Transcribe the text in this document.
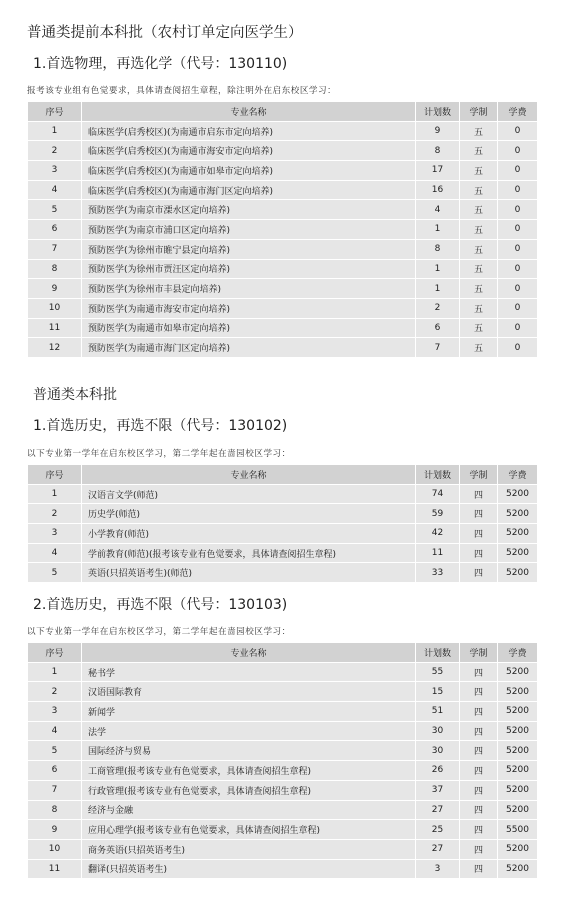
普通类提前本科批（农村订单定向医学生）
1.首选物理，再选化学（代号：130110)
报考该专业组有色觉要求，具体请查阅招生章程，除注明外在启东校区学习：
序号	专业名称	计划数	学制	学费
1	临床医学(启秀校区)(为南通市启东市定向培养)	9	五	0
2	临床医学(启秀校区)(为南通市海安市定向培养)	8	五	0
3	临床医学(启秀校区)(为南通市如皋市定向培养)	17	五	0
4	临床医学(启秀校区)(为南通市海门区定向培养)	16	五	0
5	预防医学(为南京市溧水区定向培养)	4	五	0
6	预防医学(为南京市浦口区定向培养)	1	五	0
7	预防医学(为徐州市睢宁县定向培养)	8	五	0
8	预防医学(为徐州市贾汪区定向培养)	1	五	0
9	预防医学(为徐州市丰县定向培养)	1	五	0
10	预防医学(为南通市海安市定向培养)	2	五	0
11	预防医学(为南通市如皋市定向培养)	6	五	0
12	预防医学(为南通市海门区定向培养)	7	五	0
普通类本科批
1.首选历史，再选不限（代号：130102)
以下专业第一学年在启东校区学习，第二学年起在啬园校区学习：
序号	专业名称	计划数	学制	学费
1	汉语言文学(师范)	74	四	5200
2	历史学(师范)	59	四	5200
3	小学教育(师范)	42	四	5200
4	学前教育(师范)(报考该专业有色觉要求，具体请查阅招生章程)	11	四	5200
5	英语(只招英语考生)(师范)	33	四	5200
2.首选历史，再选不限（代号：130103)
以下专业第一学年在启东校区学习，第二学年起在啬园校区学习：
序号	专业名称	计划数	学制	学费
1	秘书学	55	四	5200
2	汉语国际教育	15	四	5200
3	新闻学	51	四	5200
4	法学	30	四	5200
5	国际经济与贸易	30	四	5200
6	工商管理(报考该专业有色觉要求，具体请查阅招生章程)	26	四	5200
7	行政管理(报考该专业有色觉要求，具体请查阅招生章程)	37	四	5200
8	经济与金融	27	四	5200
9	应用心理学(报考该专业有色觉要求，具体请查阅招生章程)	25	四	5500
10	商务英语(只招英语考生)	27	四	5200
11	翻译(只招英语考生)	3	四	5200
